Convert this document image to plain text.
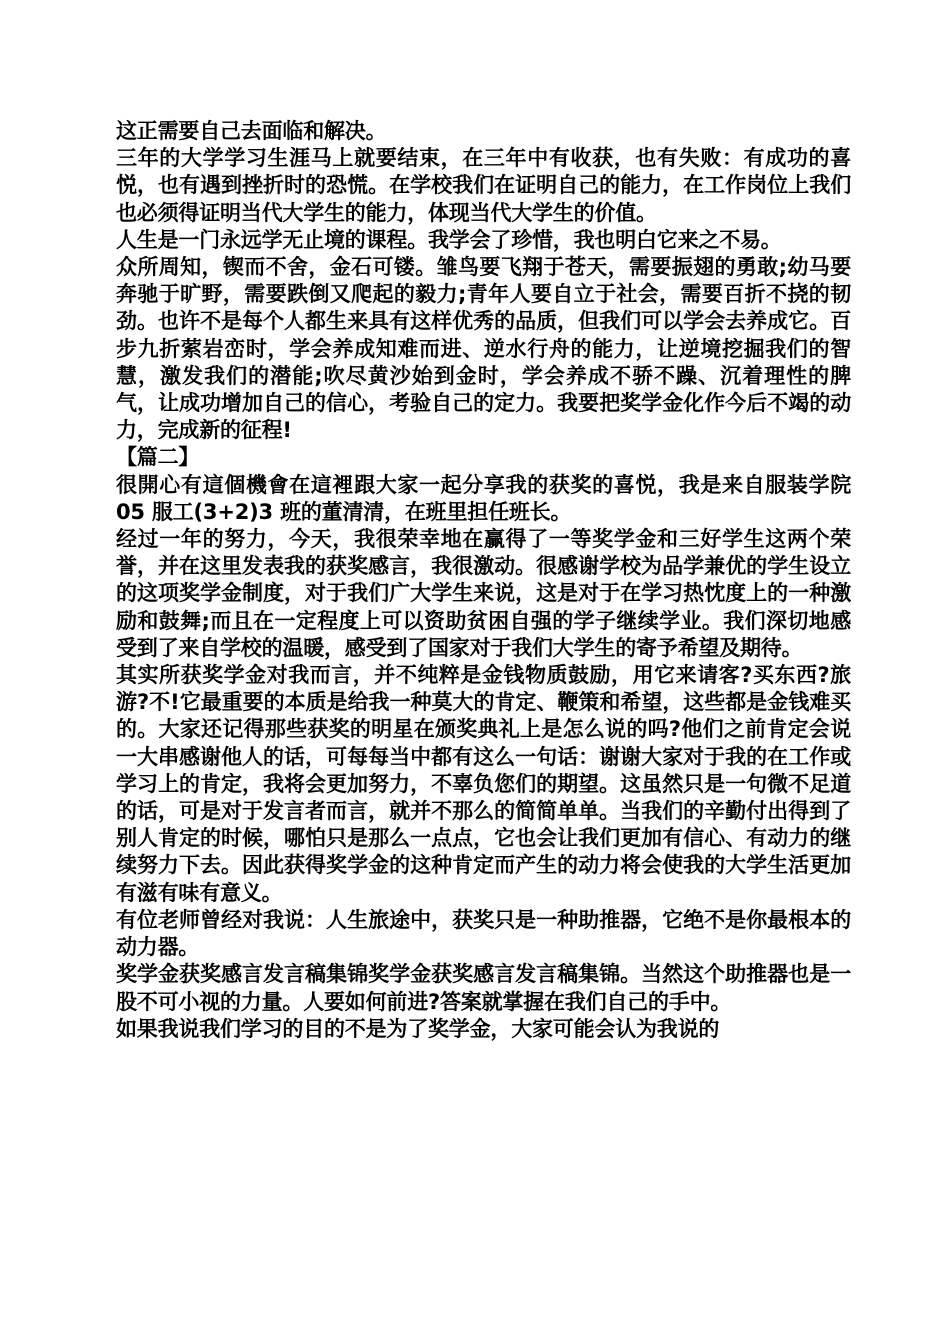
这正需要自己去面临和解决。

三年的大学学习生涯马上就要结束，在三年中有收获，也有失败：有成功的喜悦，也有遇到挫折时的恐慌。在学校我们在证明自己的能力，在工作岗位上我们也必须得证明当代大学生的能力，体现当代大学生的价值。

人生是一门永远学无止境的课程。我学会了珍惜，我也明白它来之不易。

众所周知，锲而不舍，金石可镂。雏鸟要飞翔于苍天，需要振翅的勇敢;幼马要奔驰于旷野，需要跌倒又爬起的毅力;青年人要自立于社会，需要百折不挠的韧劲。也许不是每个人都生来具有这样优秀的品质，但我们可以学会去养成它。百步九折萦岩峦时，学会养成知难而进、逆水行舟的能力，让逆境挖掘我们的智慧，激发我们的潜能;吹尽黄沙始到金时，学会养成不骄不躁、沉着理性的脾气，让成功增加自己的信心，考验自己的定力。我要把奖学金化作今后不竭的动力，完成新的征程!

【篇二】

很開心有這個機會在這裡跟大家一起分享我的获奖的喜悦，我是来自服装学院 05 服工(3+2)3 班的董清清，在班里担任班长。

经过一年的努力，今天，我很荣幸地在赢得了一等奖学金和三好学生这两个荣誉，并在这里发表我的获奖感言，我很激动。很感谢学校为品学兼优的学生设立的这项奖学金制度，对于我们广大学生来说，这是对于在学习热忱度上的一种激励和鼓舞;而且在一定程度上可以资助贫困自强的学子继续学业。我们深切地感受到了来自学校的温暖，感受到了国家对于我们大学生的寄予希望及期待。

其实所获奖学金对我而言，并不纯粹是金钱物质鼓励，用它来请客?买东西?旅游?不!它最重要的本质是给我一种莫大的肯定、鞭策和希望，这些都是金钱难买的。大家还记得那些获奖的明星在颁奖典礼上是怎么说的吗?他们之前肯定会说一大串感谢他人的话，可每每当中都有这么一句话：谢谢大家对于我的在工作或学习上的肯定，我将会更加努力，不辜负您们的期望。这虽然只是一句微不足道的话，可是对于发言者而言，就并不那么的简简单单。当我们的辛勤付出得到了别人肯定的时候，哪怕只是那么一点点，它也会让我们更加有信心、有动力的继续努力下去。因此获得奖学金的这种肯定而产生的动力将会使我的大学生活更加有滋有味有意义。

有位老师曾经对我说：人生旅途中，获奖只是一种助推器，它绝不是你最根本的动力器。

奖学金获奖感言发言稿集锦奖学金获奖感言发言稿集锦。当然这个助推器也是一股不可小视的力量。人要如何前进?答案就掌握在我们自己的手中。

如果我说我们学习的目的不是为了奖学金，大家可能会认为我说的
